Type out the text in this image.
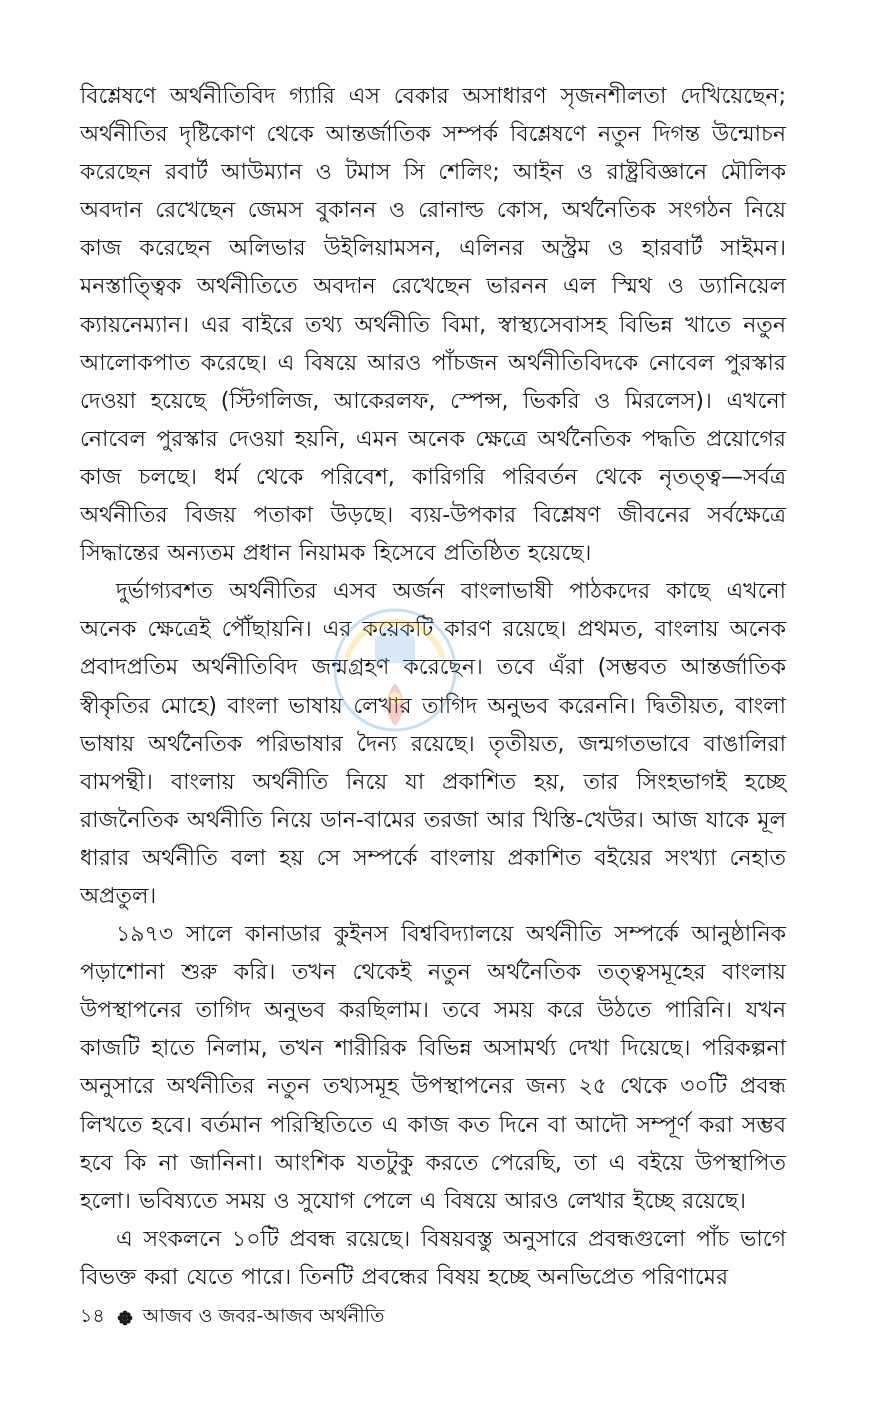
বিশ্লেষণে অর্থনীতিবিদ গ্যারি এস বেকার অসাধারণ সৃজনশীলতা দেখিয়েছেন; অর্থনীতির দৃষ্টিকোণ থেকে আন্তর্জাতিক সম্পর্ক বিশ্লেষণে নতুন দিগন্ত উন্মোচন করেছেন রবার্ট আউম্যান ও টমাস সি শেলিং; আইন ও রাষ্ট্রবিজ্ঞানে মৌলিক অবদান রেখেছেন জেমস বুকানন ও রোনাল্ড কোস, অর্থনৈতিক সংগঠন নিয়ে কাজ করেছেন অলিভার উইলিয়ামসন, এলিনর অস্ট্রম ও হারবার্ট সাইমন। মনস্তাত্ত্বিক অর্থনীতিতে অবদান রেখেছেন ভারনন এল স্মিথ ও ড্যানিয়েল ক্যায়নেম্যান। এর বাইরে তথ্য অর্থনীতি বিমা, স্বাস্থ্যসেবাসহ বিভিন্ন খাতে নতুন আলোকপাত করেছে। এ বিষয়ে আরও পাঁচজন অর্থনীতিবিদকে নোবেল পুরস্কার দেওয়া হয়েছে (স্টিগলিজ, আকেরলফ, স্পেন্স, ভিকরি ও মিরলেস)। এখনো নোবেল পুরস্কার দেওয়া হয়নি, এমন অনেক ক্ষেত্রে অর্থনৈতিক পদ্ধতি প্রয়োগের কাজ চলছে। ধর্ম থেকে পরিবেশ, কারিগরি পরিবর্তন থেকে নৃতত্ত্ব—সর্বত্র অর্থনীতির বিজয় পতাকা উড়ছে। ব্যয়-উপকার বিশ্লেষণ জীবনের সর্বক্ষেত্রে সিদ্ধান্তের অন্যতম প্রধান নিয়ামক হিসেবে প্রতিষ্ঠিত হয়েছে।

দুর্ভাগ্যবশত অর্থনীতির এসব অর্জন বাংলাভাষী পাঠকদের কাছে এখনো অনেক ক্ষেত্রেই পৌঁছায়নি। এর কয়েকটি কারণ রয়েছে। প্রথমত, বাংলায় অনেক প্রবাদপ্রতিম অর্থনীতিবিদ জন্মগ্রহণ করেছেন। তবে এঁরা (সম্ভবত আন্তর্জাতিক স্বীকৃতির মোহে) বাংলা ভাষায় লেখার তাগিদ অনুভব করেননি। দ্বিতীয়ত, বাংলা ভাষায় অর্থনৈতিক পরিভাষার দৈন্য রয়েছে। তৃতীয়ত, জন্মগতভাবে বাঙালিরা বামপন্থী। বাংলায় অর্থনীতি নিয়ে যা প্রকাশিত হয়, তার সিংহভাগই হচ্ছে রাজনৈতিক অর্থনীতি নিয়ে ডান-বামের তরজা আর খিস্তি-খেউর। আজ যাকে মূল ধারার অর্থনীতি বলা হয় সে সম্পর্কে বাংলায় প্রকাশিত বইয়ের সংখ্যা নেহাত অপ্রতুল।

১৯৭৩ সালে কানাডার কুইনস বিশ্ববিদ্যালয়ে অর্থনীতি সম্পর্কে আনুষ্ঠানিক পড়াশোনা শুরু করি। তখন থেকেই নতুন অর্থনৈতিক তত্ত্বসমূহের বাংলায় উপস্থাপনের তাগিদ অনুভব করছিলাম। তবে সময় করে উঠতে পারিনি। যখন কাজটি হাতে নিলাম, তখন শারীরিক বিভিন্ন অসামর্থ্য দেখা দিয়েছে। পরিকল্পনা অনুসারে অর্থনীতির নতুন তথ্যসমূহ উপস্থাপনের জন্য ২৫ থেকে ৩০টি প্রবন্ধ লিখতে হবে। বর্তমান পরিস্থিতিতে এ কাজ কত দিনে বা আদৌ সম্পূর্ণ করা সম্ভব হবে কি না জানিনা। আংশিক যতটুকু করতে পেরেছি, তা এ বইয়ে উপস্থাপিত হলো। ভবিষ্যতে সময় ও সুযোগ পেলে এ বিষয়ে আরও লেখার ইচ্ছে রয়েছে।

এ সংকলনে ১০টি প্রবন্ধ রয়েছে। বিষয়বস্তু অনুসারে প্রবন্ধগুলো পাঁচ ভাগে বিভক্ত করা যেতে পারে। তিনটি প্রবন্ধের বিষয় হচ্ছে অনভিপ্রেত পরিণামের

১৪ আজব ও জবর-আজব অর্থনীতি
